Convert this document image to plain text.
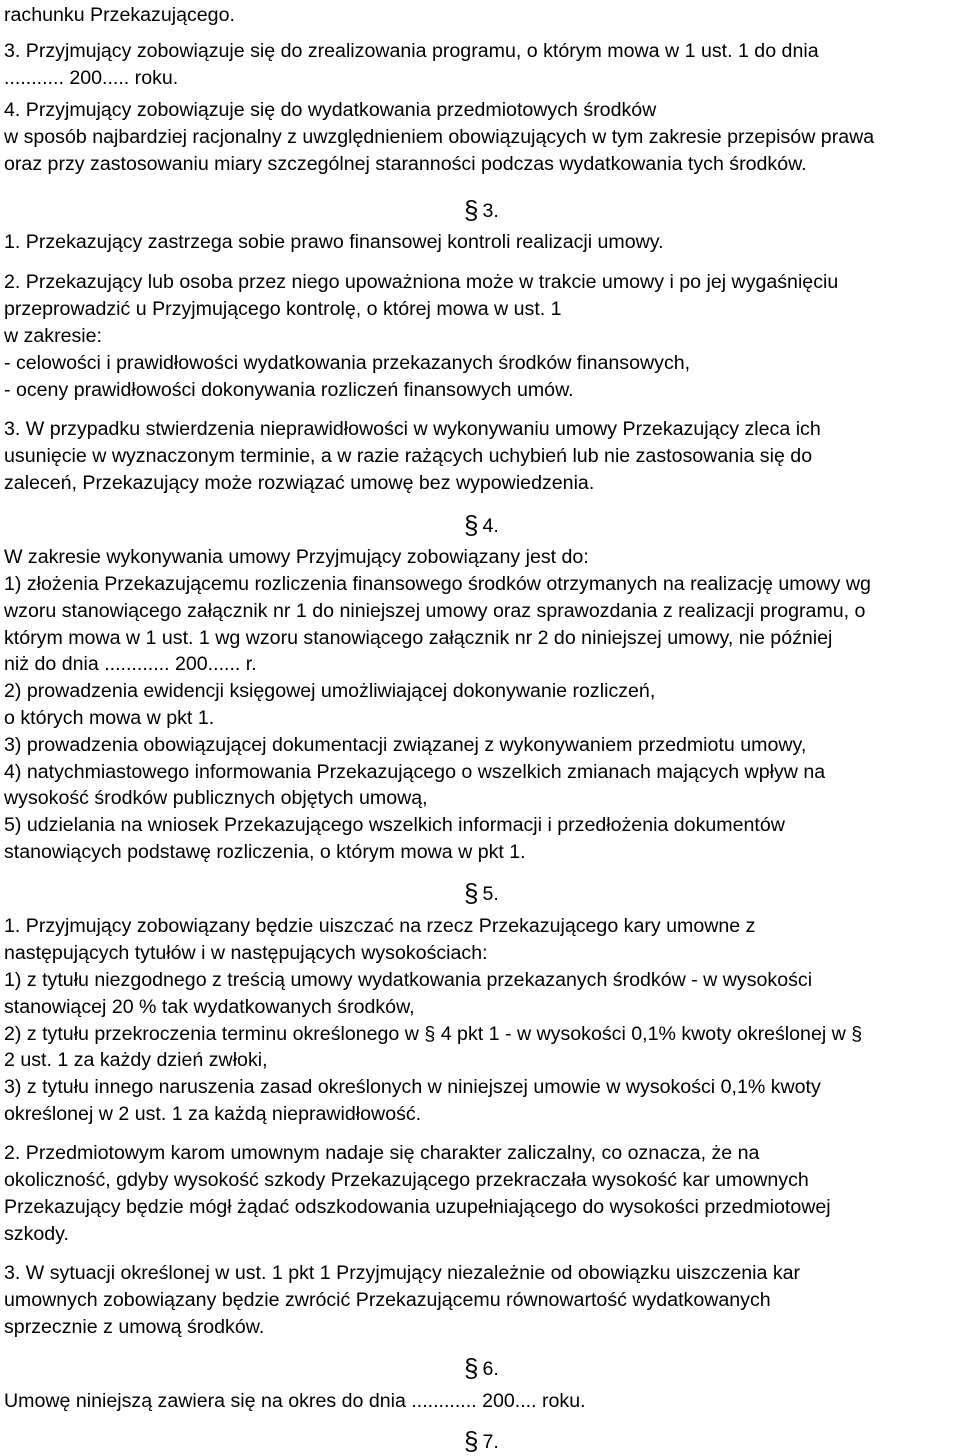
rachunku Przekazującego.
3. Przyjmujący zobowiązuje się do zrealizowania programu, o którym mowa w 1 ust. 1 do dnia
........... 200..... roku.
4. Przyjmujący zobowiązuje się do wydatkowania przedmiotowych środków
w sposób najbardziej racjonalny z uwzględnieniem obowiązujących w tym zakresie przepisów prawa
oraz przy zastosowaniu miary szczególnej staranności podczas wydatkowania tych środków.
§ 3.
1. Przekazujący zastrzega sobie prawo finansowej kontroli realizacji umowy.
2. Przekazujący lub osoba przez niego upoważniona może w trakcie umowy i po jej wygaśnięciu
przeprowadzić u Przyjmującego kontrolę, o której mowa w ust. 1
w zakresie:
- celowości i prawidłowości wydatkowania przekazanych środków finansowych,
- oceny prawidłowości dokonywania rozliczeń finansowych umów.
3. W przypadku stwierdzenia nieprawidłowości w wykonywaniu umowy Przekazujący zleca ich
usunięcie w wyznaczonym terminie, a w razie rażących uchybień lub nie zastosowania się do
zaleceń, Przekazujący może rozwiązać umowę bez wypowiedzenia.
§ 4.
W zakresie wykonywania umowy Przyjmujący zobowiązany jest do:
1) złożenia Przekazującemu rozliczenia finansowego środków otrzymanych na realizację umowy wg
wzoru stanowiącego załącznik nr 1 do niniejszej umowy oraz sprawozdania z realizacji programu, o
którym mowa w 1 ust. 1 wg wzoru stanowiącego załącznik nr 2 do niniejszej umowy, nie później
niż do dnia ............ 200...... r.
2) prowadzenia ewidencji księgowej umożliwiającej dokonywanie rozliczeń,
o których mowa w pkt 1.
3) prowadzenia obowiązującej dokumentacji związanej z wykonywaniem przedmiotu umowy,
4) natychmiastowego informowania Przekazującego o wszelkich zmianach mających wpływ na
wysokość środków publicznych objętych umową,
5) udzielania na wniosek Przekazującego wszelkich informacji i przedłożenia dokumentów
stanowiących podstawę rozliczenia, o którym mowa w pkt 1.
§ 5.
1. Przyjmujący zobowiązany będzie uiszczać na rzecz Przekazującego kary umowne z
następujących tytułów i w następujących wysokościach:
1) z tytułu niezgodnego z treścią umowy wydatkowania przekazanych środków - w wysokości
stanowiącej 20 % tak wydatkowanych środków,
2) z tytułu przekroczenia terminu określonego w § 4 pkt 1 - w wysokości 0,1% kwoty określonej w §
2 ust. 1 za każdy dzień zwłoki,
3) z tytułu innego naruszenia zasad określonych w niniejszej umowie w wysokości 0,1% kwoty
określonej w 2 ust. 1 za każdą nieprawidłowość.
2. Przedmiotowym karom umownym nadaje się charakter zaliczalny, co oznacza, że na
okoliczność, gdyby wysokość szkody Przekazującego przekraczała wysokość kar umownych
Przekazujący będzie mógł żądać odszkodowania uzupełniającego do wysokości przedmiotowej
szkody.
3. W sytuacji określonej w ust. 1 pkt 1 Przyjmujący niezależnie od obowiązku uiszczenia kar
umownych zobowiązany będzie zwrócić Przekazującemu równowartość wydatkowanych
sprzecznie z umową środków.
§ 6.
Umowę niniejszą zawiera się na okres do dnia ............ 200.... roku.
§ 7.
